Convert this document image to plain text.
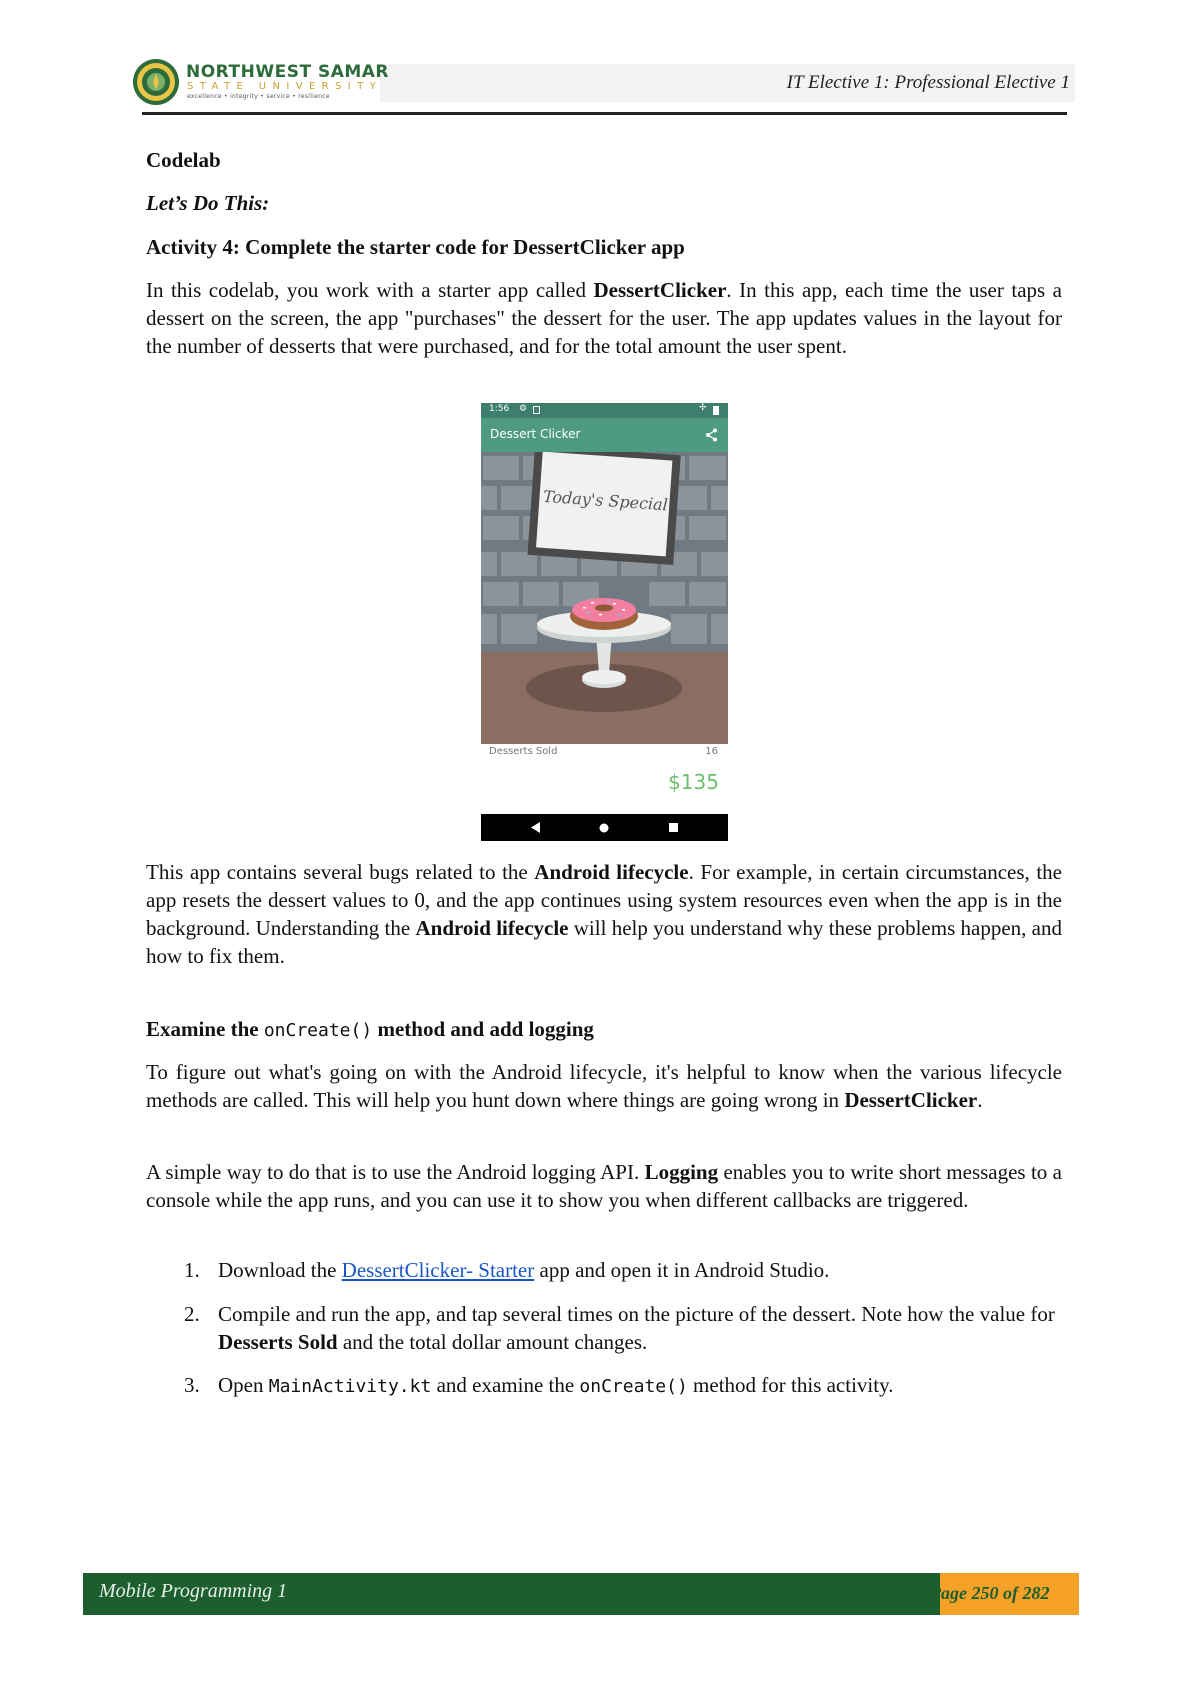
NORTHWEST SAMAR
STATE UNIVERSITY
excellence • integrity • service • resilience
IT Elective 1: Professional Elective 1
Codelab
Let’s Do This:
Activity 4: Complete the starter code for DessertClicker app
In this codelab, you work with a starter app called DessertClicker. In this app, each time the user taps a dessert on the screen, the app "purchases" the dessert for the user. The app updates values in the layout for the number of desserts that were purchased, and for the total amount the user spent.
1:56 ⚙	✢
Dessert Clicker
Today's Special
Desserts Sold	16
$135
This app contains several bugs related to the Android lifecycle. For example, in certain circumstances, the app resets the dessert values to 0, and the app continues using system resources even when the app is in the background. Understanding the Android lifecycle will help you understand why these problems happen, and how to fix them.
Examine the onCreate() method and add logging
To figure out what's going on with the Android lifecycle, it's helpful to know when the various lifecycle methods are called. This will help you hunt down where things are going wrong in DessertClicker.
A simple way to do that is to use the Android logging API. Logging enables you to write short messages to a console while the app runs, and you can use it to show you when different callbacks are triggered.
1. Download the DessertClicker- Starter app and open it in Android Studio.
2. Compile and run the app, and tap several times on the picture of the dessert. Note how the value for Desserts Sold and the total dollar amount changes.
3. Open MainActivity.kt and examine the onCreate() method for this activity.
Mobile Programming 1	Page 250 of 282
